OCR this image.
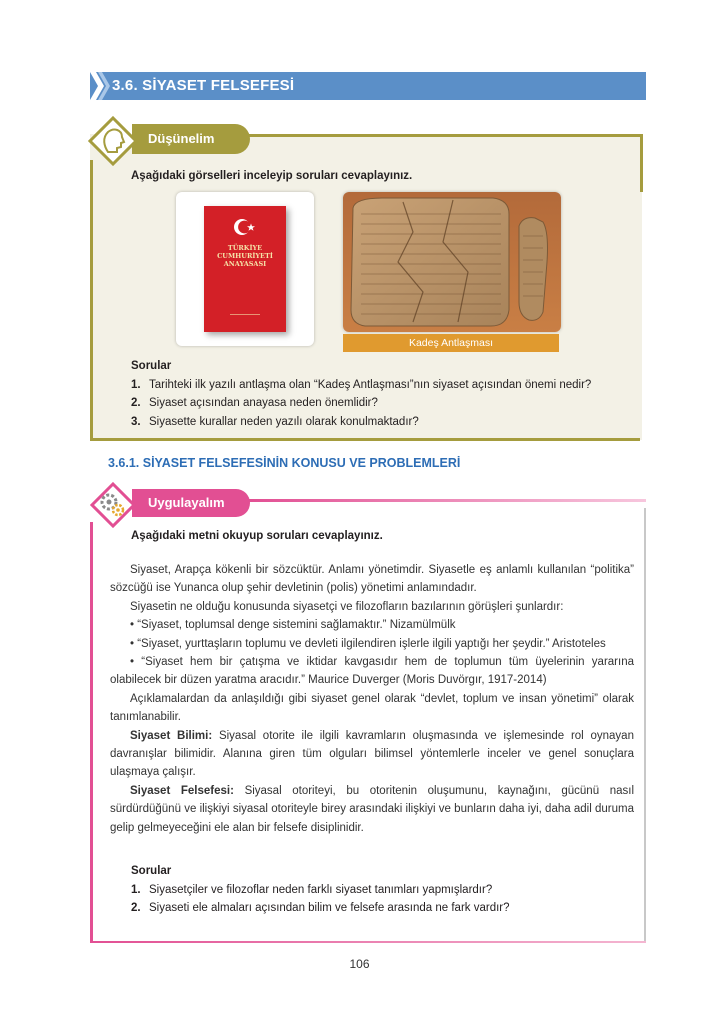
3.6. SİYASET FELSEFESİ
Düşünelim
Aşağıdaki görselleri inceleyip soruları cevaplayınız.
TÜRKİYE CUMHURİYETİ ANAYASASI
Kadeş Antlaşması
Sorular
1. Tarihteki ilk yazılı antlaşma olan “Kadeş Antlaşması”nın siyaset açısından önemi nedir?
2. Siyaset açısından anayasa neden önemlidir?
3. Siyasette kurallar neden yazılı olarak konulmaktadır?
3.6.1. SİYASET FELSEFESİNİN KONUSU VE PROBLEMLERİ
Uygulayalım
Aşağıdaki metni okuyup soruları cevaplayınız.

Siyaset, Arapça kökenli bir sözcüktür. Anlamı yönetimdir. Siyasetle eş anlamlı kullanılan “politika” sözcüğü ise Yunanca olup şehir devletinin (polis) yönetimi anlamındadır.

Siyasetin ne olduğu konusunda siyasetçi ve filozofların bazılarının görüşleri şunlardır:

• “Siyaset, toplumsal denge sistemini sağlamaktır.” Nizamülmülk

• “Siyaset, yurttaşların toplumu ve devleti ilgilendiren işlerle ilgili yaptığı her şeydir.” Aristoteles

• “Siyaset hem bir çatışma ve iktidar kavgasıdır hem de toplumun tüm üyelerinin yararına olabilecek bir düzen yaratma aracıdır.” Maurice Duverger (Moris Duvörgır, 1917-2014)

Açıklamalardan da anlaşıldığı gibi siyaset genel olarak “devlet, toplum ve insan yönetimi” olarak tanımlanabilir.

Siyaset Bilimi: Siyasal otorite ile ilgili kavramların oluşmasında ve işlemesinde rol oynayan davranışlar bilimidir. Alanına giren tüm olguları bilimsel yöntemlerle inceler ve genel sonuçlara ulaşmaya çalışır.

Siyaset Felsefesi: Siyasal otoriteyi, bu otoritenin oluşumunu, kaynağını, gücünü nasıl sürdürdüğünü ve ilişkiyi siyasal otoriteyle birey arasındaki ilişkiyi ve bunların daha iyi, daha adil duruma gelip gelmeyeceğini ele alan bir felsefe disiplinidir.

Sorular
1. Siyasetçiler ve filozoflar neden farklı siyaset tanımları yapmışlardır?
2. Siyaseti ele almaları açısından bilim ve felsefe arasında ne fark vardır?
106
